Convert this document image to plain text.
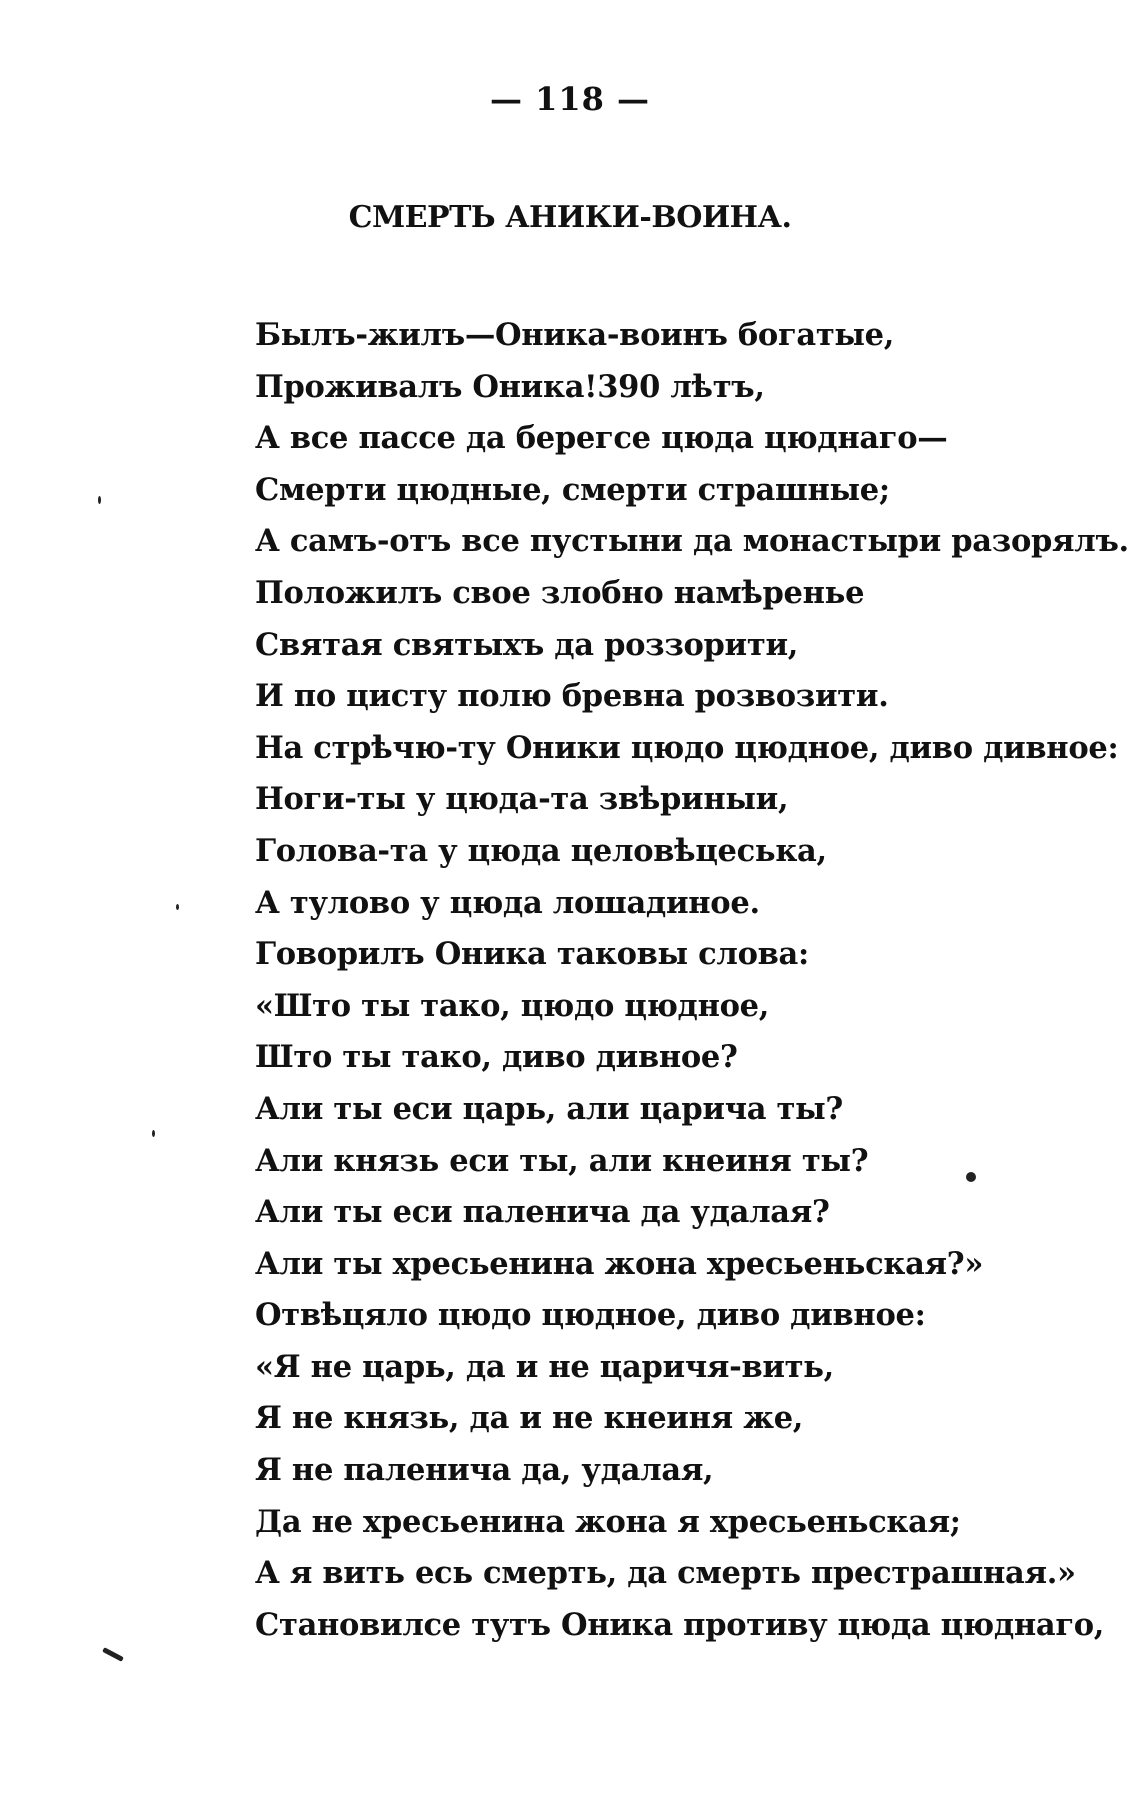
— 118 —
СМЕРТЬ АНИКИ-ВОИНА.
Былъ-жилъ—Оника-воинъ богатые,
Проживалъ Оника!390 лѣтъ,
А все пассе да берегсе цюда цюднаго—
Смерти цюдные, смерти страшные;
А самъ-отъ все пустыни да монастыри разорялъ.
Положилъ свое злобно намѣренье
Святая святыхъ да роззорити,
И по цисту полю бревна розвозити.
На стрѣчю-ту Оники цюдо цюдное, диво дивное:
Ноги-ты у цюда-та звѣриныи,
Голова-та у цюда целовѣцеська,
А тулово у цюда лошадиное.
Говорилъ Оника таковы слова:
«Што ты тако, цюдо цюдное,
Што ты тако, диво дивное?
Али ты еси царь, али царича ты?
Али князь еси ты, али кнеиня ты?
Али ты еси паленича да удалая?
Али ты хресьенина жона хресьеньская?»
Отвѣцяло цюдо цюдное, диво дивное:
«Я не царь, да и не царичя-вить,
Я не князь, да и не кнеиня же,
Я не паленича да, удалая,
Да не хресьенина жона я хресьеньская;
А я вить есь смерть, да смерть престрашная.»
Становилсе тутъ Оника противу цюда цюднаго,
